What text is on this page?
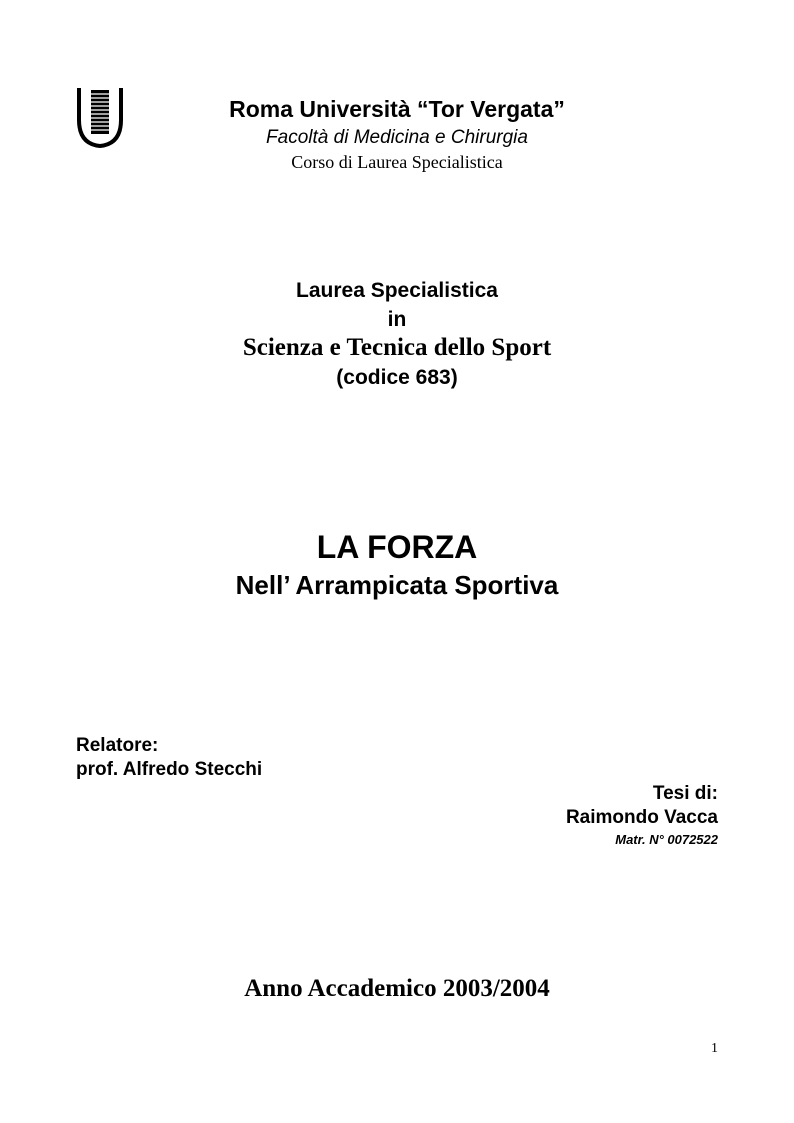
Roma Università “Tor Vergata”
Facoltà di Medicina e Chirurgia
Corso di Laurea Specialistica
Laurea Specialistica
in
Scienza e Tecnica dello Sport
(codice 683)
LA FORZA
Nell’ Arrampicata Sportiva
Relatore:
prof. Alfredo Stecchi
Tesi di:
Raimondo Vacca
Matr. N° 0072522
Anno Accademico 2003/2004
1
